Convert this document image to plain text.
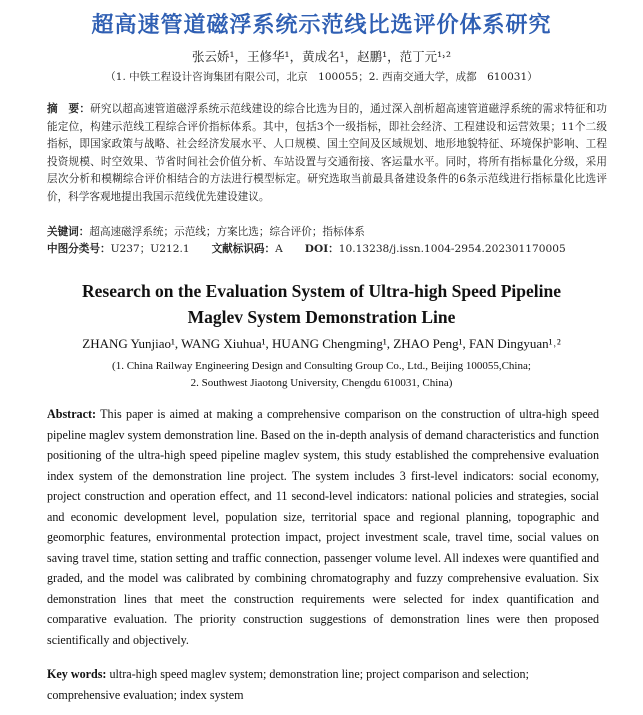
超高速管道磁浮系统示范线比选评价体系研究
张云娇¹，王修华¹，黄成名¹，赵鹏¹，范丁元¹˒²
（1. 中铁工程设计咨询集团有限公司，北京　100055；2. 西南交通大学，成都　610031）

摘　要：研究以超高速管道磁浮系统示范线建设的综合比选为目的，通过深入剖析超高速管道磁浮系统的需求特征和功能定位，构建示范线工程综合评价指标体系。其中，包括3个一级指标，即社会经济、工程建设和运营效果；11个二级指标，即国家政策与战略、社会经济发展水平、人口规模、国土空间及区域规划、地形地貌特征、环境保护影响、工程投资规模、时空效果、节省时间社会价值分析、车站设置与交通衔接、客运量水平。同时，将所有指标量化分级，采用层次分析和模糊综合评价相结合的方法进行模型标定。研究选取当前最具备建设条件的6条示范线进行指标量化比选评价，科学客观地提出我国示范线优先建设建议。

关键词：超高速磁浮系统；示范线；方案比选；综合评价；指标体系
中图分类号：U237；U212.1 文献标识码：A DOI：10.13238/j.issn.1004-2954.202301170005
Research on the Evaluation System of Ultra-high Speed Pipeline
Maglev System Demonstration Line
ZHANG Yunjiao¹, WANG Xiuhua¹, HUANG Chengming¹, ZHAO Peng¹, FAN Dingyuan¹˒²
(1. China Railway Engineering Design and Consulting Group Co., Ltd., Beijing 100055,China;
2. Southwest Jiaotong University, Chengdu 610031, China)

Abstract: This paper is aimed at making a comprehensive comparison on the construction of ultra-high speed pipeline maglev system demonstration line. Based on the in-depth analysis of demand characteristics and function positioning of the ultra-high speed pipeline maglev system, this study established the comprehensive evaluation index system of the demonstration line project. The system includes 3 first-level indicators: social economy, project construction and operation effect, and 11 second-level indicators: national policies and strategies, social and economic development level, population size, territorial space and regional planning, topographic and geomorphic features, environmental protection impact, project investment scale, travel time, social values on saving travel time, station setting and traffic connection, passenger volume level. All indexes were quantified and graded, and the model was calibrated by combining chromatography and fuzzy comprehensive evaluation. Six demonstration lines that meet the construction requirements were selected for index quantification and comparative evaluation. The priority construction suggestions of demonstration lines were then proposed scientifically and objectively.

Key words: ultra-high speed maglev system; demonstration line; project comparison and selection; comprehensive evaluation; index system
